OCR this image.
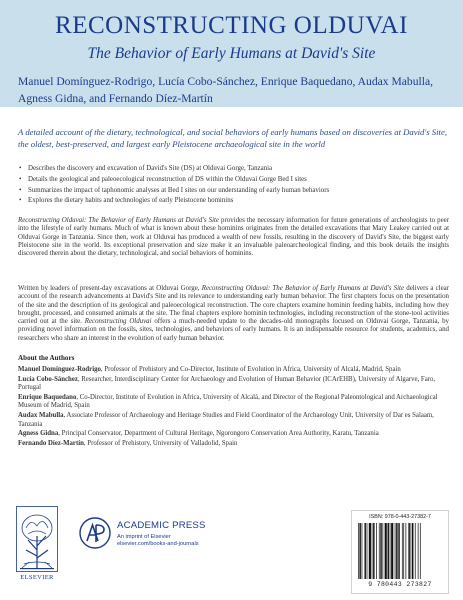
RECONSTRUCTING OLDUVAI

The Behavior of Early Humans at David's Site

Manuel Domínguez-Rodrigo, Lucía Cobo-Sánchez, Enrique Baquedano, Audax Mabulla,
Agness Gidna, and Fernando Díez-Martín

A detailed account of the dietary, technological, and social behaviors of early humans based on discoveries at David's Site, the oldest, best-preserved, and largest early Pleistocene archaeological site in the world

• Describes the discovery and excavation of David's Site (DS) at Olduvai Gorge, Tanzania
• Details the geological and paleoecological reconstruction of DS within the Olduvai Gorge Bed I sites
• Summarizes the impact of taphonomic analyses at Bed I sites on our understanding of early human behaviors
• Explores the dietary habits and technologies of early Pleistocene hominins

Reconstructing Olduvai: The Behavior of Early Humans at David's Site provides the necessary information for future generations of archeologists to peer into the lifestyle of early humans. Much of what is known about these hominins originates from the detailed excavations that Mary Leakey carried out at Olduvai Gorge in Tanzania. Since then, work at Olduvai has produced a wealth of new fossils, resulting in the discovery of David's Site, the biggest early Pleistocene site in the world. Its exceptional preservation and size make it an invaluable paleoarcheological finding, and this book details the insights discovered therein about the dietary, technological, and social behaviors of hominins.

Written by leaders of present-day excavations at Olduvai Gorge, Reconstructing Olduvai: The Behavior of Early Humans at David's Site delivers a clear account of the research advancements at David's Site and its relevance to understanding early human behavior. The first chapters focus on the presentation of the site and the description of its geological and paleoecological reconstruction. The core chapters examine hominin feeding habits, including how they brought, processed, and consumed animals at the site. The final chapters explore hominin technologies, including reconstruction of the stone-tool activities carried out at the site. Reconstructing Olduvai offers a much-needed update to the decades-old monographs focused on Olduvai Gorge, Tanzania, by providing novel information on the fossils, sites, technologies, and behaviors of early humans. It is an indispensable resource for students, academics, and researchers who share an interest in the evolution of early human behavior.

About the Authors

Manuel Domínguez-Rodrigo, Professor of Prehistory and Co-Director, Institute of Evolution in Africa, University of Alcalá, Madrid, Spain
Lucía Cobo-Sánchez, Researcher, Interdisciplinary Center for Archaeology and Evolution of Human Behavior (ICArEHB), University of Algarve, Faro, Portugal
Enrique Baquedano, Co-Director, Institute of Evolution in Africa, University of Alcalá, and Director of the Regional Paleontological and Archaeological Museum of Madrid, Spain
Audax Mabulla, Associate Professor of Archaeology and Heritage Studies and Field Coordinator of the Archaeology Unit, University of Dar es Salaam, Tanzania
Agness Gidna, Principal Conservator, Department of Cultural Heritage, Ngorongoro Conservation Area Authority, Karatu, Tanzania
Fernando Díez-Martín, Professor of Prehistory, University of Valladolid, Spain
ELSEVIER
ACADEMIC PRESS
An imprint of Elsevier
elsevier.com/books-and-journals
ISBN: 978-0-443-27382-7
9 780443 273827
